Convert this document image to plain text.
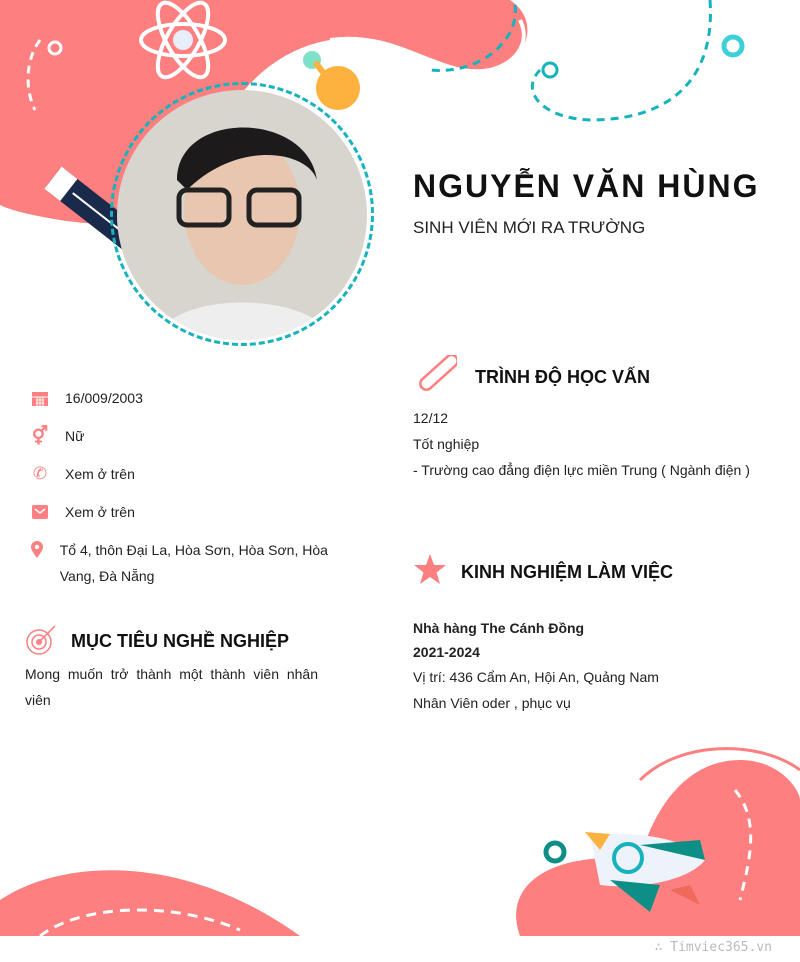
NGUYỄN VĂN HÙNG
SINH VIÊN MỚI RA TRƯỜNG
16/009/2003
⚥ Nữ
✆ Xem ở trên
Xem ở trên
Tổ 4, thôn Đại La, Hòa Sơn, Hòa Sơn, Hòa Vang, Đà Nẵng
MỤC TIÊU NGHỀ NGHIỆP
Mong muốn trở thành một thành viên nhân viên
TRÌNH ĐỘ HỌC VẤN
12/12
Tốt nghiệp
- Trường cao đẳng điện lực miền Trung ( Ngành điện )
KINH NGHIỆM LÀM VIỆC
Nhà hàng The Cánh Đồng
2021-2024
Vị trí: 436 Cẩm An, Hội An, Quảng Nam
Nhân Viên oder , phục vụ
∴ Timviec365.vn
